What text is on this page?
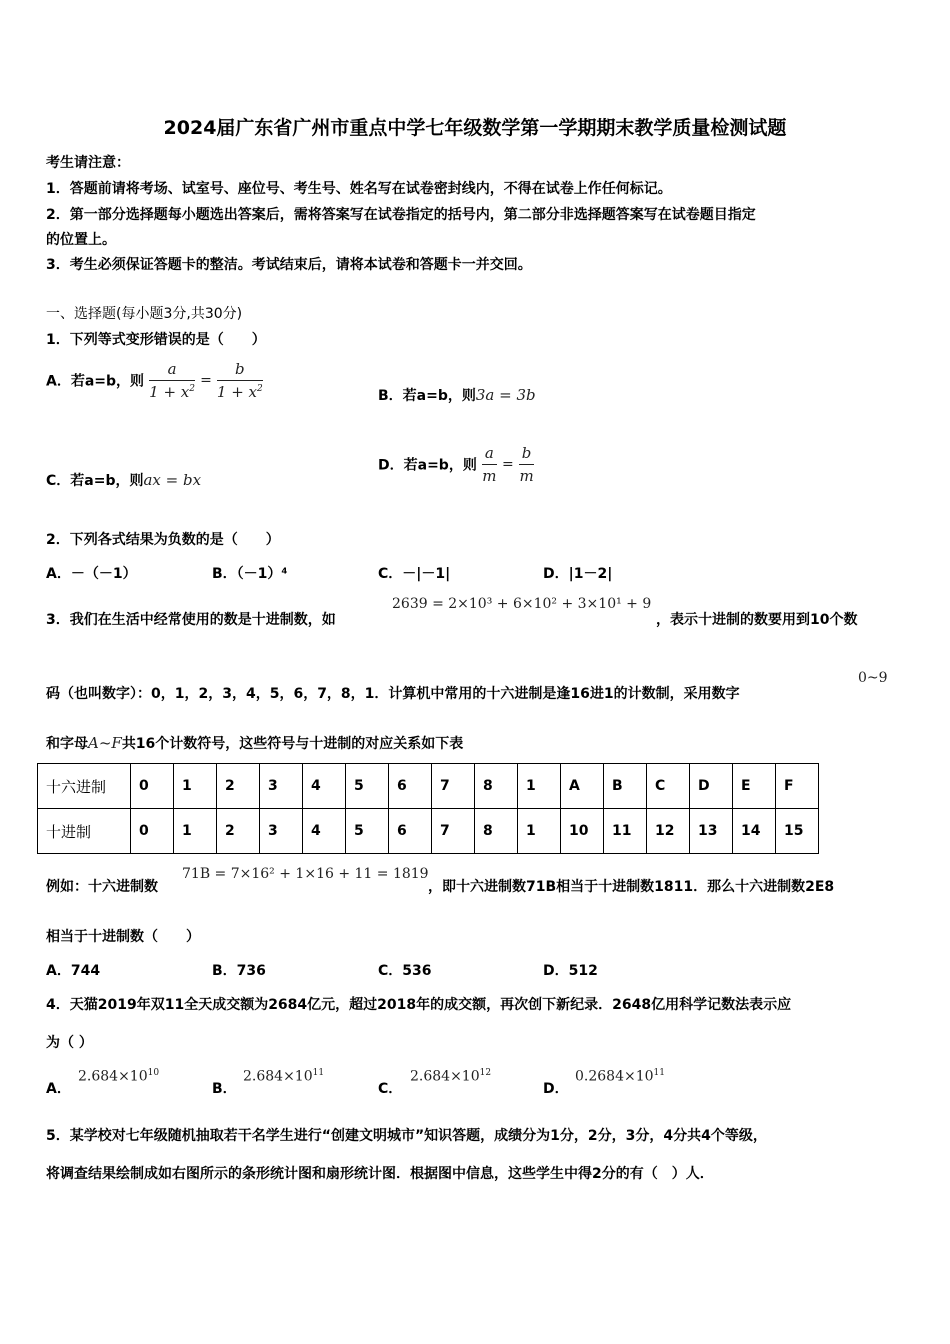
2024届广东省广州市重点中学七年级数学第一学期期末教学质量检测试题
考生请注意：
1．答题前请将考场、试室号、座位号、考生号、姓名写在试卷密封线内，不得在试卷上作任何标记。
2．第一部分选择题每小题选出答案后，需将答案写在试卷指定的括号内，第二部分非选择题答案写在试卷题目指定
的位置上。
3．考生必须保证答题卡的整洁。考试结束后，请将本试卷和答题卡一并交回。
一、选择题(每小题3分,共30分)
1．下列等式变形错误的是（　　）
A．若a=b，则 $\frac{a}{1 + x^2} = \frac{b}{1 + x^2}$	B．若a=b，则3a = 3b
C．若a=b，则ax = bx
D．若a=b，则 $\frac{a}{m} = \frac{b}{m}$
2．下列各式结果为负数的是（　　）
A．－（－1）	B．（－1）⁴	C．－|－1|	D．|1－2|
3．我们在生活中经常使用的数是十进制数，如
2639 = 2×10³ + 6×10² + 3×10¹ + 9
，表示十进制的数要用到10个数
码（也叫数字）：0，1，2，3，4，5，6，7，8，1．计算机中常用的十六进制是逢16进1的计数制，采用数字
0~9
和字母A~F共16个计数符号，这些符号与十进制的对应关系如下表
十六进制	0	1	2	3	4	5	6	7	8	1	A	B	C	D	E	F
十进制	0	1	2	3	4	5	6	7	8	1	10	11	12	13	14	15
例如：十六进制数
71B = 7×16² + 1×16 + 11 = 1819
，即十六进制数71B相当于十进制数1811．那么十六进制数2E8
相当于十进制数（　　）
A．744	B．736	C．536	D．512
4．天猫2019年双11全天成交额为2684亿元，超过2018年的成交额，再次创下新纪录．2648亿用科学记数法表示应
为（ ）
A．
$2.684\times 10^{10}$
B．
$2.684\times 10^{11}$
C．
$2.684\times 10^{12}$
D．
$0.2684\times 10^{11}$
5．某学校对七年级随机抽取若干名学生进行“创建文明城市”知识答题，成绩分为1分，2分，3分，4分共4个等级，
将调查结果绘制成如右图所示的条形统计图和扇形统计图．根据图中信息，这些学生中得2分的有（　）人．
